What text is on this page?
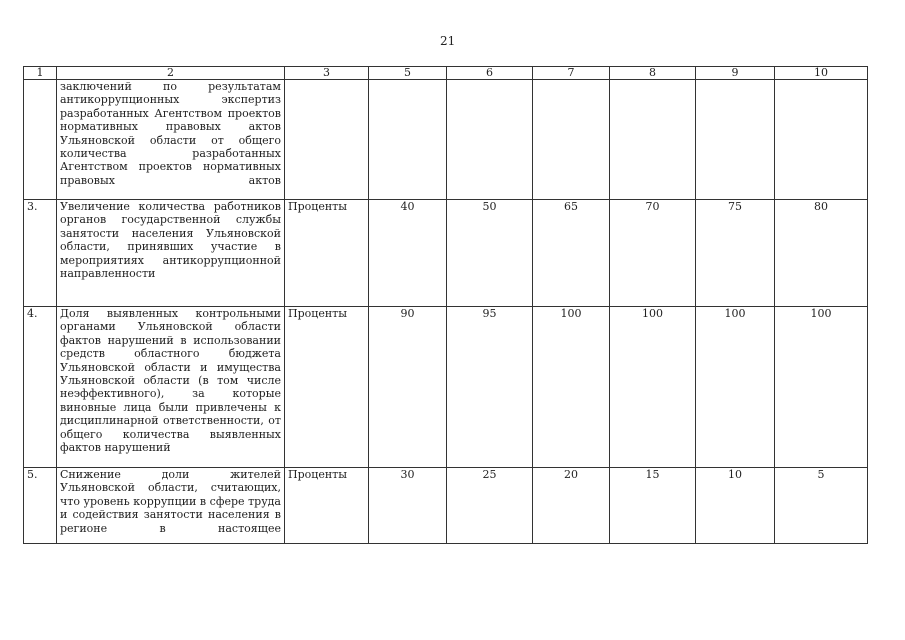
21
1	2	3	5	6	7	8	9	10
	заключений по результатам антикоррупционных экспертиз разработанных Агентством проектов нормативных правовых актов Ульяновской области от общего количества разработанных Агентством проектов нормативных правовых актов							
3.	Увеличение количества работников органов государственной службы занятости населения Ульяновской области, принявших участие в мероприятиях антикоррупционной направленности	Проценты	40	50	65	70	75	80
4.	Доля выявленных контрольными органами Ульяновской области фактов нарушений в использовании средств областного бюджета Ульяновской области и имущества Ульяновской области (в том числе неэффективного), за которые виновные лица были привлечены к дисциплинарной ответственности, от общего количества выявленных фактов нарушений	Проценты	90	95	100	100	100	100
5.	Снижение доли жителей Ульяновской области, считающих, что уровень коррупции в сфере труда и содействия занятости населения в регионе в настоящее	Проценты	30	25	20	15	10	5
